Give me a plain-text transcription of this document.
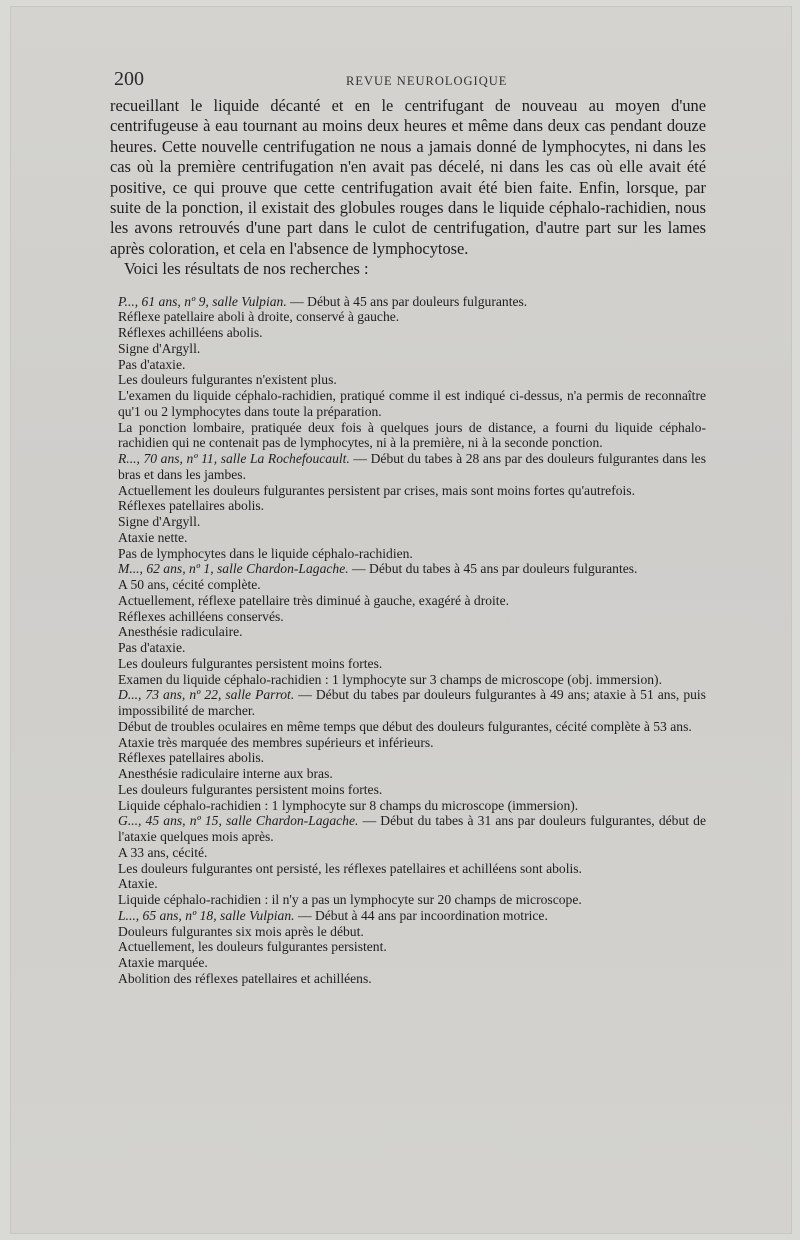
200	REVUE NEUROLOGIQUE

recueillant le liquide décanté et en le centrifugant de nouveau au moyen d'une centrifugeuse à eau tournant au moins deux heures et même dans deux cas pendant douze heures. Cette nouvelle centrifugation ne nous a jamais donné de lymphocytes, ni dans les cas où la première centrifugation n'en avait pas décelé, ni dans les cas où elle avait été positive, ce qui prouve que cette centrifugation avait été bien faite. Enfin, lorsque, par suite de la ponction, il existait des globules rouges dans le liquide céphalo-rachidien, nous les avons retrouvés d'une part dans le culot de centrifugation, d'autre part sur les lames après coloration, et cela en l'absence de lymphocytose.
Voici les résultats de nos recherches :

P..., 61 ans, nº 9, salle Vulpian. — Début à 45 ans par douleurs fulgurantes.
Réflexe patellaire aboli à droite, conservé à gauche.
Réflexes achilléens abolis.
Signe d'Argyll.
Pas d'ataxie.
Les douleurs fulgurantes n'existent plus.
L'examen du liquide céphalo-rachidien, pratiqué comme il est indiqué ci-dessus, n'a permis de reconnaître qu'1 ou 2 lymphocytes dans toute la préparation.
La ponction lombaire, pratiquée deux fois à quelques jours de distance, a fourni du liquide céphalo-rachidien qui ne contenait pas de lymphocytes, ni à la première, ni à la seconde ponction.
R..., 70 ans, nº 11, salle La Rochefoucault. — Début du tabes à 28 ans par des douleurs fulgurantes dans les bras et dans les jambes.
Actuellement les douleurs fulgurantes persistent par crises, mais sont moins fortes qu'autrefois.
Réflexes patellaires abolis.
Signe d'Argyll.
Ataxie nette.
Pas de lymphocytes dans le liquide céphalo-rachidien.
M..., 62 ans, nº 1, salle Chardon-Lagache. — Début du tabes à 45 ans par douleurs fulgurantes.
A 50 ans, cécité complète.
Actuellement, réflexe patellaire très diminué à gauche, exagéré à droite.
Réflexes achilléens conservés.
Anesthésie radiculaire.
Pas d'ataxie.
Les douleurs fulgurantes persistent moins fortes.
Examen du liquide céphalo-rachidien : 1 lymphocyte sur 3 champs de microscope (obj. immersion).
D..., 73 ans, nº 22, salle Parrot. — Début du tabes par douleurs fulgurantes à 49 ans; ataxie à 51 ans, puis impossibilité de marcher.
Début de troubles oculaires en même temps que début des douleurs fulgurantes, cécité complète à 53 ans.
Ataxie très marquée des membres supérieurs et inférieurs.
Réflexes patellaires abolis.
Anesthésie radiculaire interne aux bras.
Les douleurs fulgurantes persistent moins fortes.
Liquide céphalo-rachidien : 1 lymphocyte sur 8 champs du microscope (immersion).
G..., 45 ans, nº 15, salle Chardon-Lagache. — Début du tabes à 31 ans par douleurs fulgurantes, début de l'ataxie quelques mois après.
A 33 ans, cécité.
Les douleurs fulgurantes ont persisté, les réflexes patellaires et achilléens sont abolis.
Ataxie.
Liquide céphalo-rachidien : il n'y a pas un lymphocyte sur 20 champs de microscope.
L..., 65 ans, nº 18, salle Vulpian. — Début à 44 ans par incoordination motrice.
Douleurs fulgurantes six mois après le début.
Actuellement, les douleurs fulgurantes persistent.
Ataxie marquée.
Abolition des réflexes patellaires et achilléens.
